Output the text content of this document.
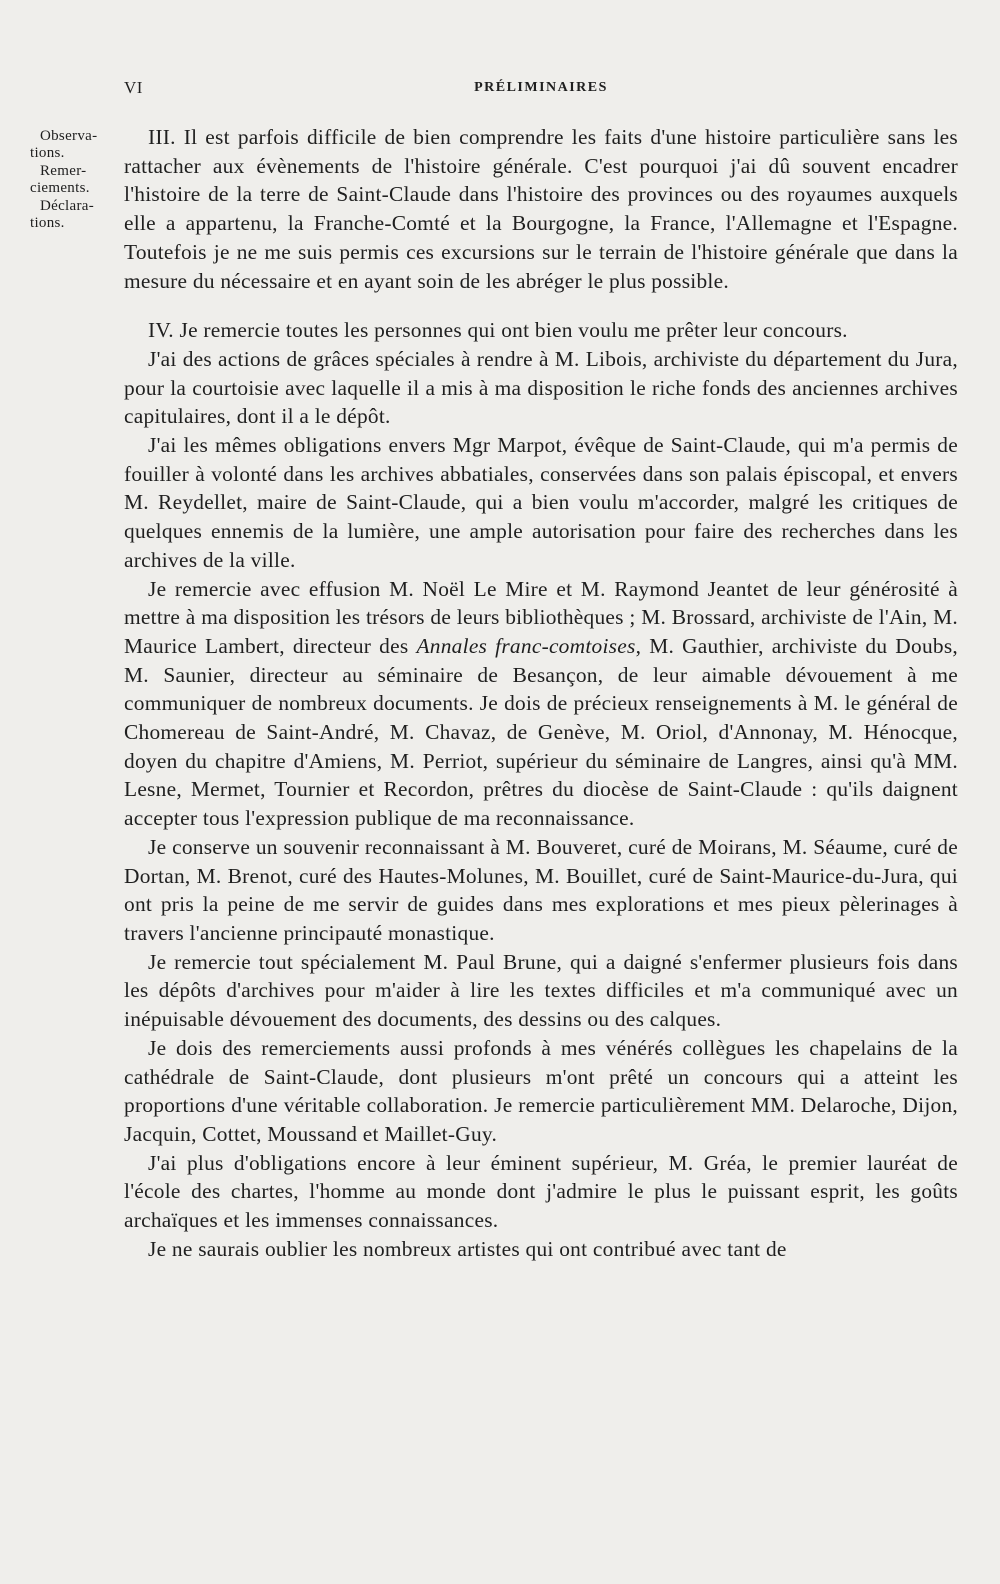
VI	PRÉLIMINAIRES
Observa-
tions.
Remer-
ciements.
Déclara-
tions.

III. Il est parfois difficile de bien comprendre les faits d'une histoire particulière sans les rattacher aux évènements de l'histoire générale. C'est pourquoi j'ai dû souvent encadrer l'histoire de la terre de Saint-Claude dans l'histoire des provinces ou des royaumes auxquels elle a appartenu, la Franche-Comté et la Bourgogne, la France, l'Allemagne et l'Espagne. Toutefois je ne me suis permis ces excursions sur le terrain de l'histoire générale que dans la mesure du nécessaire et en ayant soin de les abréger le plus possible.

IV. Je remercie toutes les personnes qui ont bien voulu me prêter leur concours.

J'ai des actions de grâces spéciales à rendre à M. Libois, archiviste du département du Jura, pour la courtoisie avec laquelle il a mis à ma disposition le riche fonds des anciennes archives capitulaires, dont il a le dépôt.

J'ai les mêmes obligations envers Mgr Marpot, évêque de Saint-Claude, qui m'a permis de fouiller à volonté dans les archives abbatiales, conservées dans son palais épiscopal, et envers M. Reydellet, maire de Saint-Claude, qui a bien voulu m'accorder, malgré les critiques de quelques ennemis de la lumière, une ample autorisation pour faire des recherches dans les archives de la ville.

Je remercie avec effusion M. Noël Le Mire et M. Raymond Jeantet de leur générosité à mettre à ma disposition les trésors de leurs bibliothèques ; M. Brossard, archiviste de l'Ain, M. Maurice Lambert, directeur des Annales franc-comtoises, M. Gauthier, archiviste du Doubs, M. Saunier, directeur au séminaire de Besançon, de leur aimable dévouement à me communiquer de nombreux documents. Je dois de précieux renseignements à M. le général de Chomereau de Saint-André, M. Chavaz, de Genève, M. Oriol, d'Annonay, M. Hénocque, doyen du chapitre d'Amiens, M. Perriot, supérieur du séminaire de Langres, ainsi qu'à MM. Lesne, Mermet, Tournier et Recordon, prêtres du diocèse de Saint-Claude : qu'ils daignent accepter tous l'expression publique de ma reconnaissance.

Je conserve un souvenir reconnaissant à M. Bouveret, curé de Moirans, M. Séaume, curé de Dortan, M. Brenot, curé des Hautes-Molunes, M. Bouillet, curé de Saint-Maurice-du-Jura, qui ont pris la peine de me servir de guides dans mes explorations et mes pieux pèlerinages à travers l'ancienne principauté monastique.

Je remercie tout spécialement M. Paul Brune, qui a daigné s'enfermer plusieurs fois dans les dépôts d'archives pour m'aider à lire les textes difficiles et m'a communiqué avec un inépuisable dévouement des documents, des dessins ou des calques.

Je dois des remerciements aussi profonds à mes vénérés collègues les chapelains de la cathédrale de Saint-Claude, dont plusieurs m'ont prêté un concours qui a atteint les proportions d'une véritable collaboration. Je remercie particulièrement MM. Delaroche, Dijon, Jacquin, Cottet, Moussand et Maillet-Guy.

J'ai plus d'obligations encore à leur éminent supérieur, M. Gréa, le premier lauréat de l'école des chartes, l'homme au monde dont j'admire le plus le puissant esprit, les goûts archaïques et les immenses connaissances.

Je ne saurais oublier les nombreux artistes qui ont contribué avec tant de
